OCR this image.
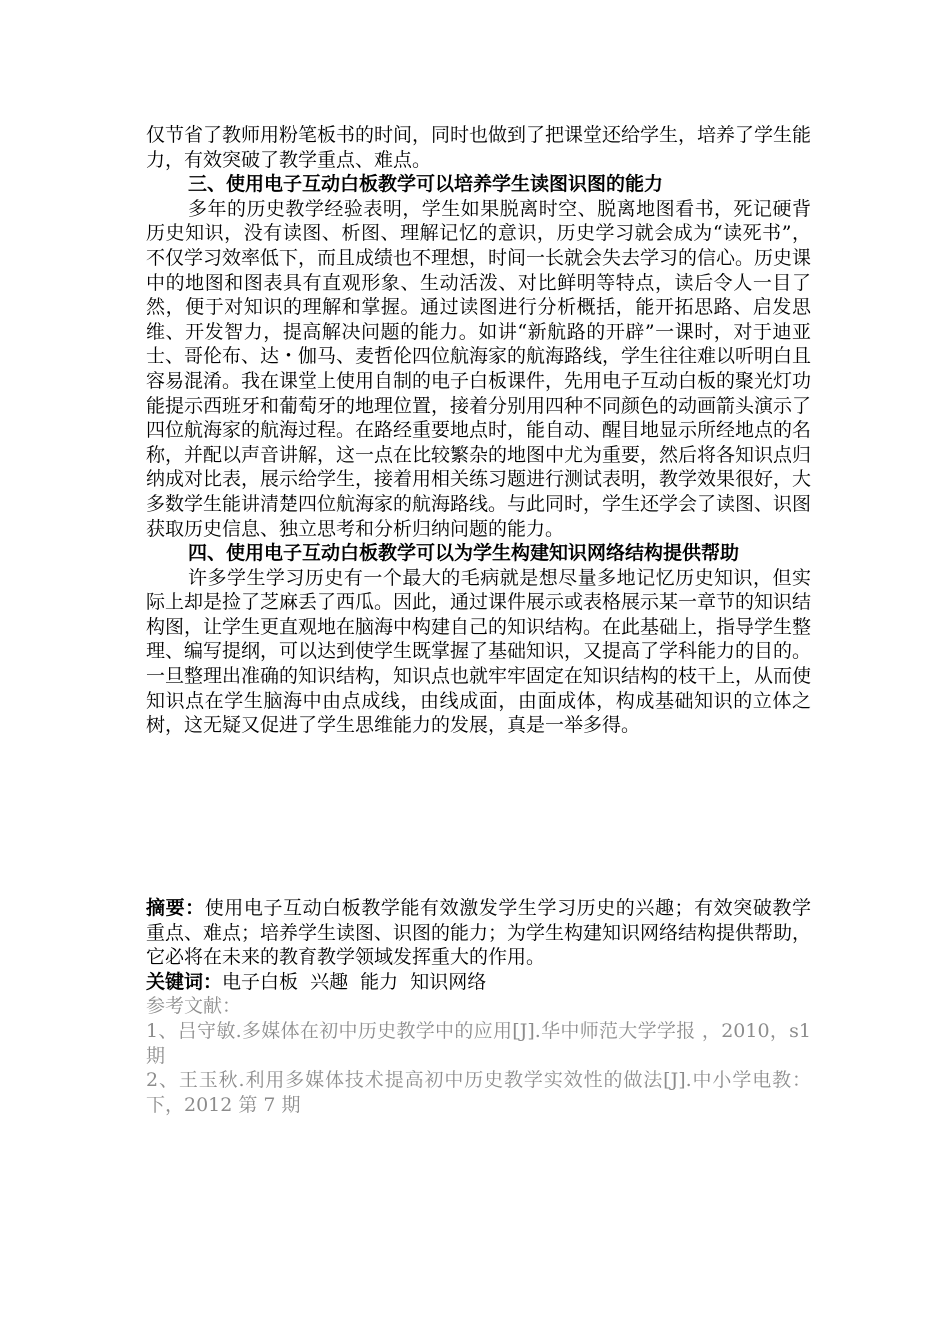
仅节省了教师用粉笔板书的时间，同时也做到了把课堂还给学生，培养了学生能力，有效突破了教学重点、难点。

三、使用电子互动白板教学可以培养学生读图识图的能力

多年的历史教学经验表明，学生如果脱离时空、脱离地图看书，死记硬背历史知识，没有读图、析图、理解记忆的意识，历史学习就会成为“读死书”，不仅学习效率低下，而且成绩也不理想，时间一长就会失去学习的信心。历史课中的地图和图表具有直观形象、生动活泼、对比鲜明等特点，读后令人一目了然，便于对知识的理解和掌握。通过读图进行分析概括，能开拓思路、启发思维、开发智力，提高解决问题的能力。如讲“新航路的开辟”一课时，对于迪亚士、哥伦布、达・伽马、麦哲伦四位航海家的航海路线，学生往往难以听明白且容易混淆。我在课堂上使用自制的电子白板课件，先用电子互动白板的聚光灯功能提示西班牙和葡萄牙的地理位置，接着分别用四种不同颜色的动画箭头演示了四位航海家的航海过程。在路经重要地点时，能自动、醒目地显示所经地点的名称，并配以声音讲解，这一点在比较繁杂的地图中尤为重要，然后将各知识点归纳成对比表，展示给学生，接着用相关练习题进行测试表明，教学效果很好，大多数学生能讲清楚四位航海家的航海路线。与此同时，学生还学会了读图、识图获取历史信息、独立思考和分析归纳问题的能力。

四、使用电子互动白板教学可以为学生构建知识网络结构提供帮助

许多学生学习历史有一个最大的毛病就是想尽量多地记忆历史知识，但实际上却是捡了芝麻丢了西瓜。因此，通过课件展示或表格展示某一章节的知识结构图，让学生更直观地在脑海中构建自己的知识结构。在此基础上，指导学生整理、编写提纲，可以达到使学生既掌握了基础知识，又提高了学科能力的目的。一旦整理出准确的知识结构，知识点也就牢牢固定在知识结构的枝干上，从而使知识点在学生脑海中由点成线，由线成面，由面成体，构成基础知识的立体之树，这无疑又促进了学生思维能力的发展，真是一举多得。

摘要：使用电子互动白板教学能有效激发学生学习历史的兴趣；有效突破教学重点、难点；培养学生读图、识图的能力；为学生构建知识网络结构提供帮助，它必将在未来的教育教学领域发挥重大的作用。

关键词：电子白板  兴趣  能力  知识网络

参考文献：

1、吕守敏.多媒体在初中历史教学中的应用[J].华中师范大学学报 ，2010，s1 期

2、王玉秋.利用多媒体技术提高初中历史教学实效性的做法[J].中小学电教：下，2012 第 7 期
